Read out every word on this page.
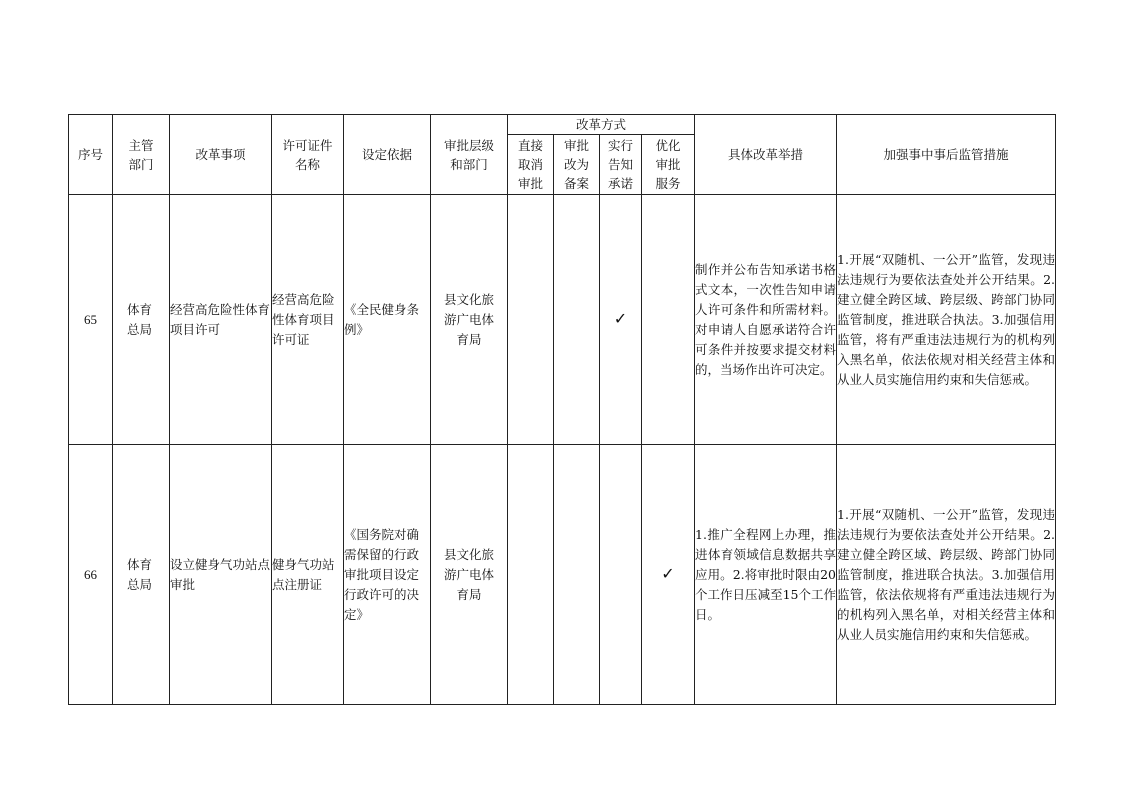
序号	主管部门	改革事项	许可证件名称	设定依据	审批层级和部门	改革方式				具体改革举措	加强事中事后监管措施
						直接取消审批	审批改为备案	实行告知承诺	优化审批服务		
65	体育总局	经营高危险性体育项目许可	经营高危险性体育项目许可证	《全民健身条例》	县文化旅游广电体育局			✓		制作并公布告知承诺书格式文本，一次性告知申请人许可条件和所需材料。对申请人自愿承诺符合许可条件并按要求提交材料的，当场作出许可决定。	1.开展“双随机、一公开”监管，发现违法违规行为要依法查处并公开结果。2.建立健全跨区域、跨层级、跨部门协同监管制度，推进联合执法。3.加强信用监管，将有严重违法违规行为的机构列入黑名单，依法依规对相关经营主体和从业人员实施信用约束和失信惩戒。

66	体育总局	设立健身气功站点审批	健身气功站点注册证	《国务院对确需保留的行政审批项目设定行政许可的决定》	县文化旅游广电体育局				✓	1.推广全程网上办理，推进体育领域信息数据共享应用。2.将审批时限由20个工作日压减至15个工作日。	1.开展“双随机、一公开”监管，发现违法违规行为要依法查处并公开结果。2.建立健全跨区域、跨层级、跨部门协同监管制度，推进联合执法。3.加强信用监管，依法依规将有严重违法违规行为的机构列入黑名单，对相关经营主体和从业人员实施信用约束和失信惩戒。
